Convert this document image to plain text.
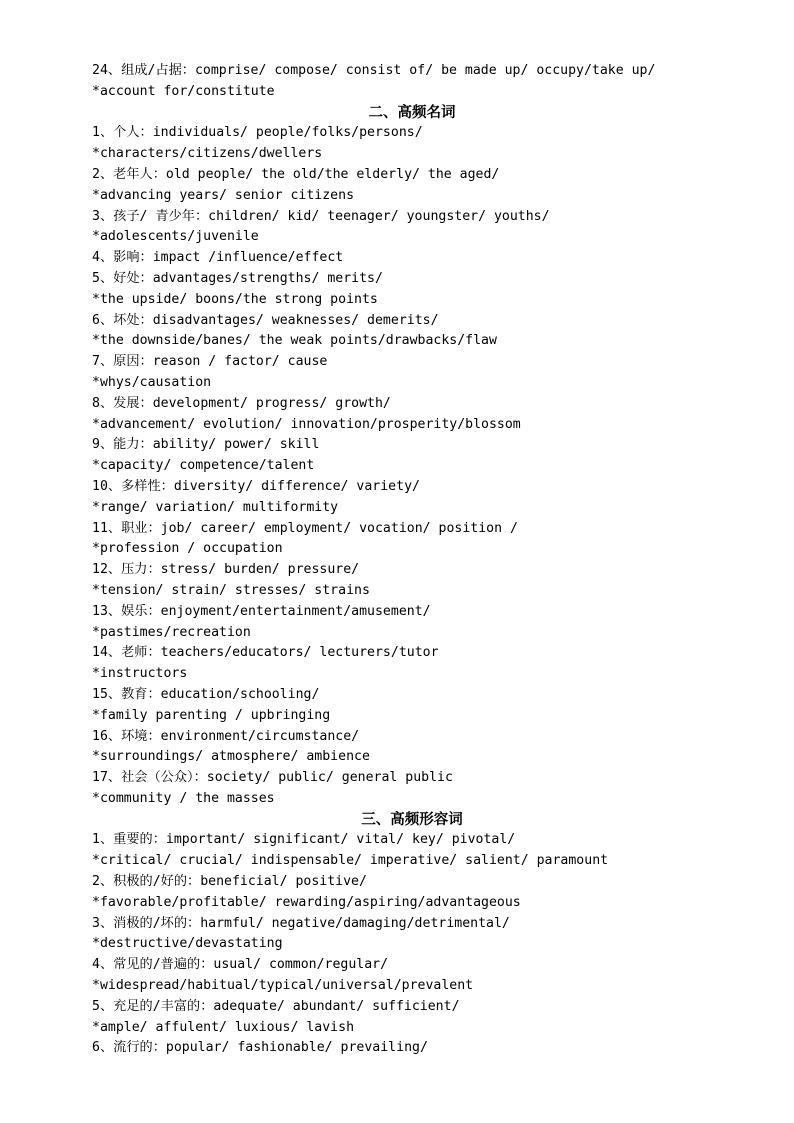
24、组成/占据：comprise/ compose/ consist of/ be made up/ occupy/take up/
*account for/constitute
二、高频名词
1、个人：individuals/ people/folks/persons/
*characters/citizens/dwellers
2、老年人：old people/ the old/the elderly/ the aged/
*advancing years/ senior citizens
3、孩子/ 青少年：children/ kid/ teenager/ youngster/ youths/
*adolescents/juvenile
4、影响：impact /influence/effect
5、好处：advantages/strengths/ merits/
*the upside/ boons/the strong points
6、坏处：disadvantages/ weaknesses/ demerits/
*the downside/banes/ the weak points/drawbacks/flaw
7、原因：reason / factor/ cause
*whys/causation
8、发展：development/ progress/ growth/
*advancement/ evolution/ innovation/prosperity/blossom
9、能力：ability/ power/ skill
*capacity/ competence/talent
10、多样性：diversity/ difference/ variety/
*range/ variation/ multiformity
11、职业：job/ career/ employment/ vocation/ position /
*profession / occupation
12、压力：stress/ burden/ pressure/
*tension/ strain/ stresses/ strains
13、娱乐：enjoyment/entertainment/amusement/
*pastimes/recreation
14、老师：teachers/educators/ lecturers/tutor
*instructors
15、教育：education/schooling/
*family parenting / upbringing
16、环境：environment/circumstance/
*surroundings/ atmosphere/ ambience
17、社会（公众）：society/ public/ general public
*community / the masses
三、高频形容词
1、重要的：important/ significant/ vital/ key/ pivotal/
*critical/ crucial/ indispensable/ imperative/ salient/ paramount
2、积极的/好的：beneficial/ positive/
*favorable/profitable/ rewarding/aspiring/advantageous
3、消极的/坏的：harmful/ negative/damaging/detrimental/
*destructive/devastating
4、常见的/普遍的：usual/ common/regular/
*widespread/habitual/typical/universal/prevalent
5、充足的/丰富的：adequate/ abundant/ sufficient/
*ample/ affulent/ luxious/ lavish
6、流行的：popular/ fashionable/ prevailing/
